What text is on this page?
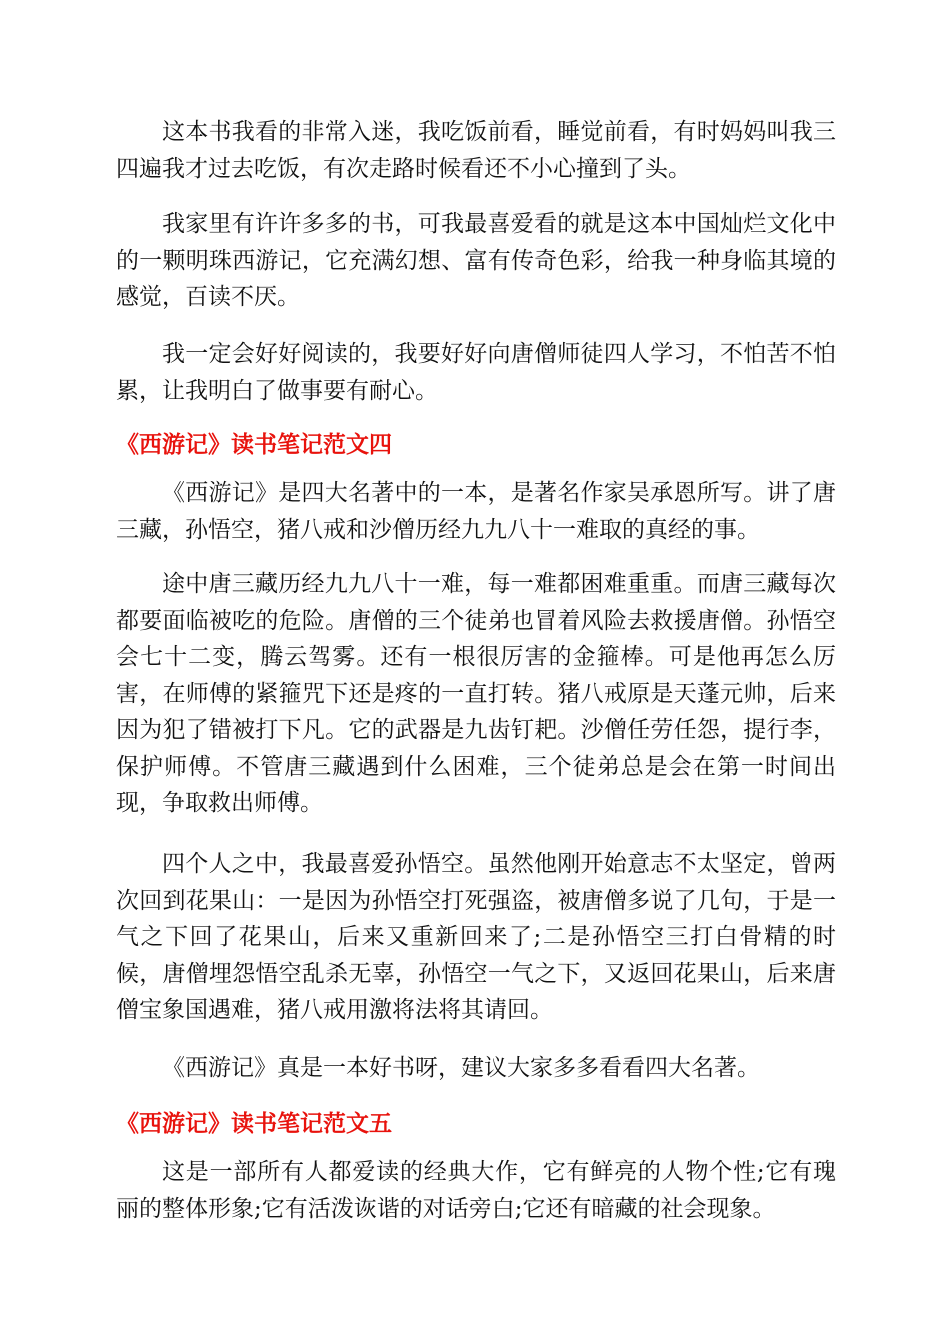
这本书我看的非常入迷，我吃饭前看，睡觉前看，有时妈妈叫我三四遍我才过去吃饭，有次走路时候看还不小心撞到了头。

我家里有许许多多的书，可我最喜爱看的就是这本中国灿烂文化中的一颗明珠西游记，它充满幻想、富有传奇色彩，给我一种身临其境的感觉，百读不厌。

我一定会好好阅读的，我要好好向唐僧师徒四人学习，不怕苦不怕累，让我明白了做事要有耐心。

《西游记》读书笔记范文四

《西游记》是四大名著中的一本，是著名作家吴承恩所写。讲了唐三藏，孙悟空，猪八戒和沙僧历经九九八十一难取的真经的事。

途中唐三藏历经九九八十一难，每一难都困难重重。而唐三藏每次都要面临被吃的危险。唐僧的三个徒弟也冒着风险去救援唐僧。孙悟空会七十二变，腾云驾雾。还有一根很厉害的金箍棒。可是他再怎么厉害，在师傅的紧箍咒下还是疼的一直打转。猪八戒原是天蓬元帅，后来因为犯了错被打下凡。它的武器是九齿钉耙。沙僧任劳任怨，提行李，保护师傅。不管唐三藏遇到什么困难，三个徒弟总是会在第一时间出现，争取救出师傅。

四个人之中，我最喜爱孙悟空。虽然他刚开始意志不太坚定，曾两次回到花果山：一是因为孙悟空打死强盗，被唐僧多说了几句，于是一气之下回了花果山，后来又重新回来了;二是孙悟空三打白骨精的时候，唐僧埋怨悟空乱杀无辜，孙悟空一气之下，又返回花果山，后来唐僧宝象国遇难，猪八戒用激将法将其请回。

《西游记》真是一本好书呀，建议大家多多看看四大名著。

《西游记》读书笔记范文五

这是一部所有人都爱读的经典大作，它有鲜亮的人物个性;它有瑰丽的整体形象;它有活泼诙谐的对话旁白;它还有暗藏的社会现象。
